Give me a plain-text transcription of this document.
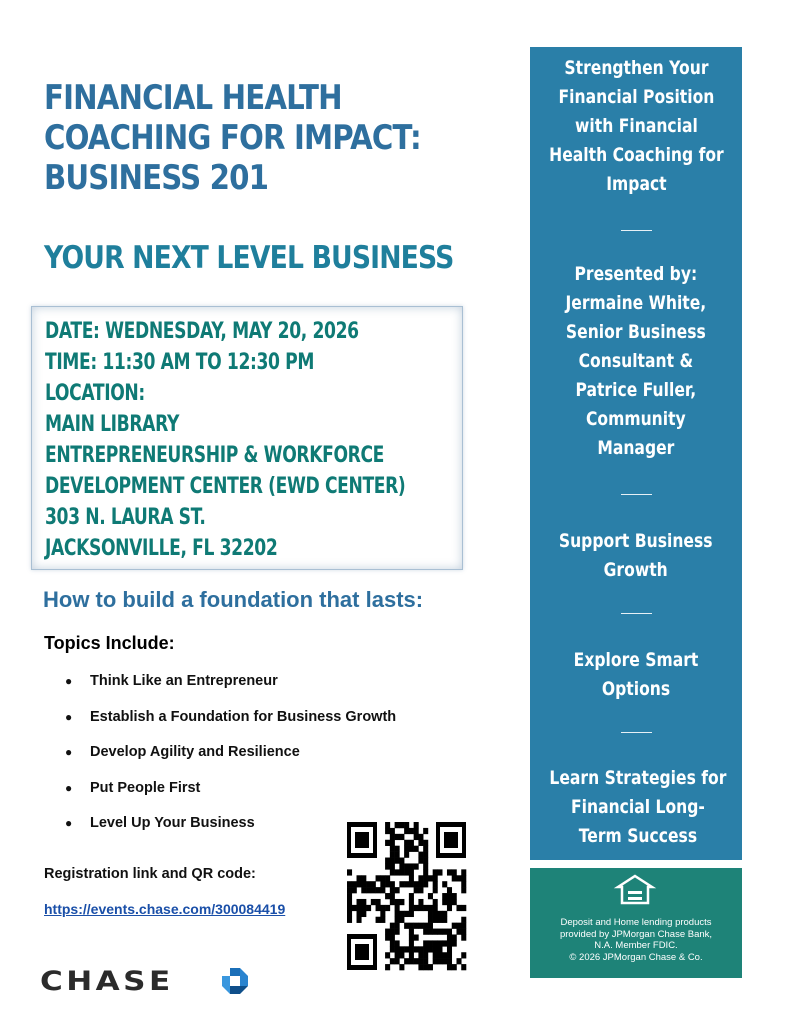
FINANCIAL HEALTH
COACHING FOR IMPACT:
BUSINESS 201
YOUR NEXT LEVEL BUSINESS
DATE: WEDNESDAY, MAY 20, 2026
TIME: 11:30 AM TO 12:30 PM
LOCATION:
MAIN LIBRARY
ENTREPRENEURSHIP & WORKFORCE
DEVELOPMENT CENTER (EWD CENTER)
303 N. LAURA ST.
JACKSONVILLE, FL 32202
How to build a foundation that lasts:
Topics Include:
● Think Like an Entrepreneur
● Establish a Foundation for Business Growth
● Develop Agility and Resilience
● Put People First
● Level Up Your Business
Registration link and QR code:
https://events.chase.com/300084419
CHASE
Strengthen Your
Financial Position
with Financial
Health Coaching for
Impact
Presented by:
Jermaine White,
Senior Business
Consultant &
Patrice Fuller,
Community
Manager
Support Business
Growth
Explore Smart
Options
Learn Strategies for
Financial Long-
Term Success
Deposit and Home lending products
provided by JPMorgan Chase Bank,
N.A. Member FDIC.
© 2026 JPMorgan Chase & Co.
